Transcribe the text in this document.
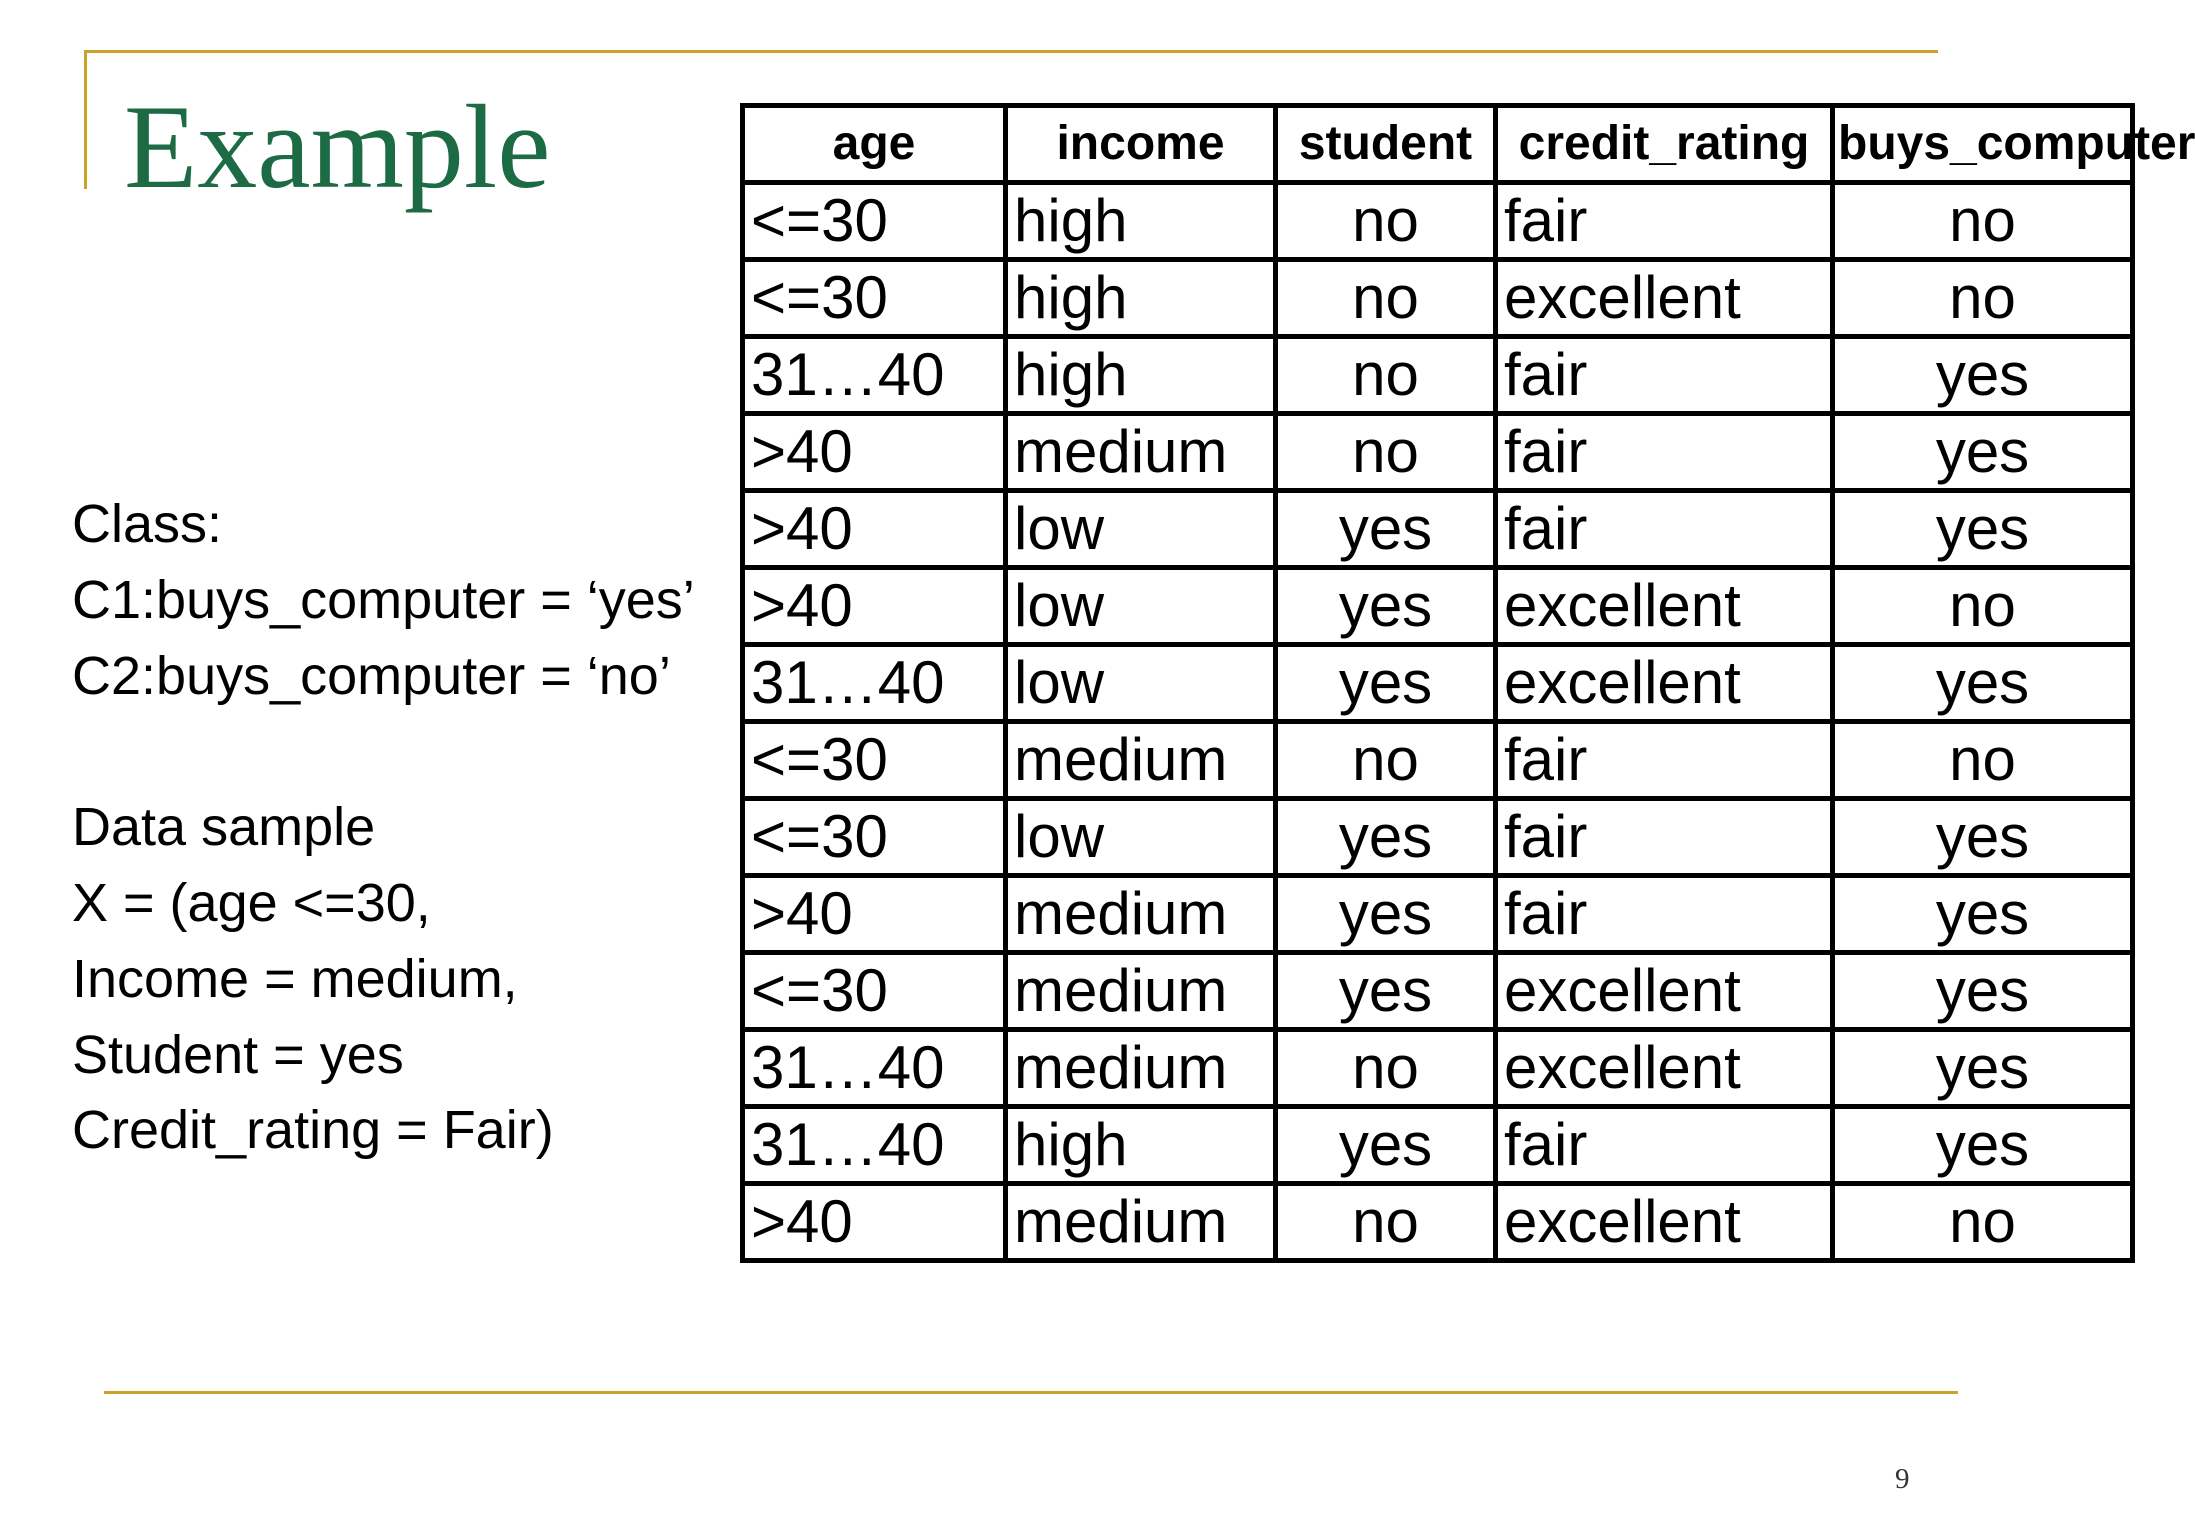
Example
Class:
C1:buys_computer = ‘yes’
C2:buys_computer = ‘no’
Data sample
X = (age <=30,
Income = medium,
Student = yes
Credit_rating = Fair)
age	income	student	credit_rating	buys_computer
<=30	high	no	fair	no
<=30	high	no	excellent	no
31…40	high	no	fair	yes
>40	medium	no	fair	yes
>40	low	yes	fair	yes
>40	low	yes	excellent	no
31…40	low	yes	excellent	yes
<=30	medium	no	fair	no
<=30	low	yes	fair	yes
>40	medium	yes	fair	yes
<=30	medium	yes	excellent	yes
31…40	medium	no	excellent	yes
31…40	high	yes	fair	yes
>40	medium	no	excellent	no
9
